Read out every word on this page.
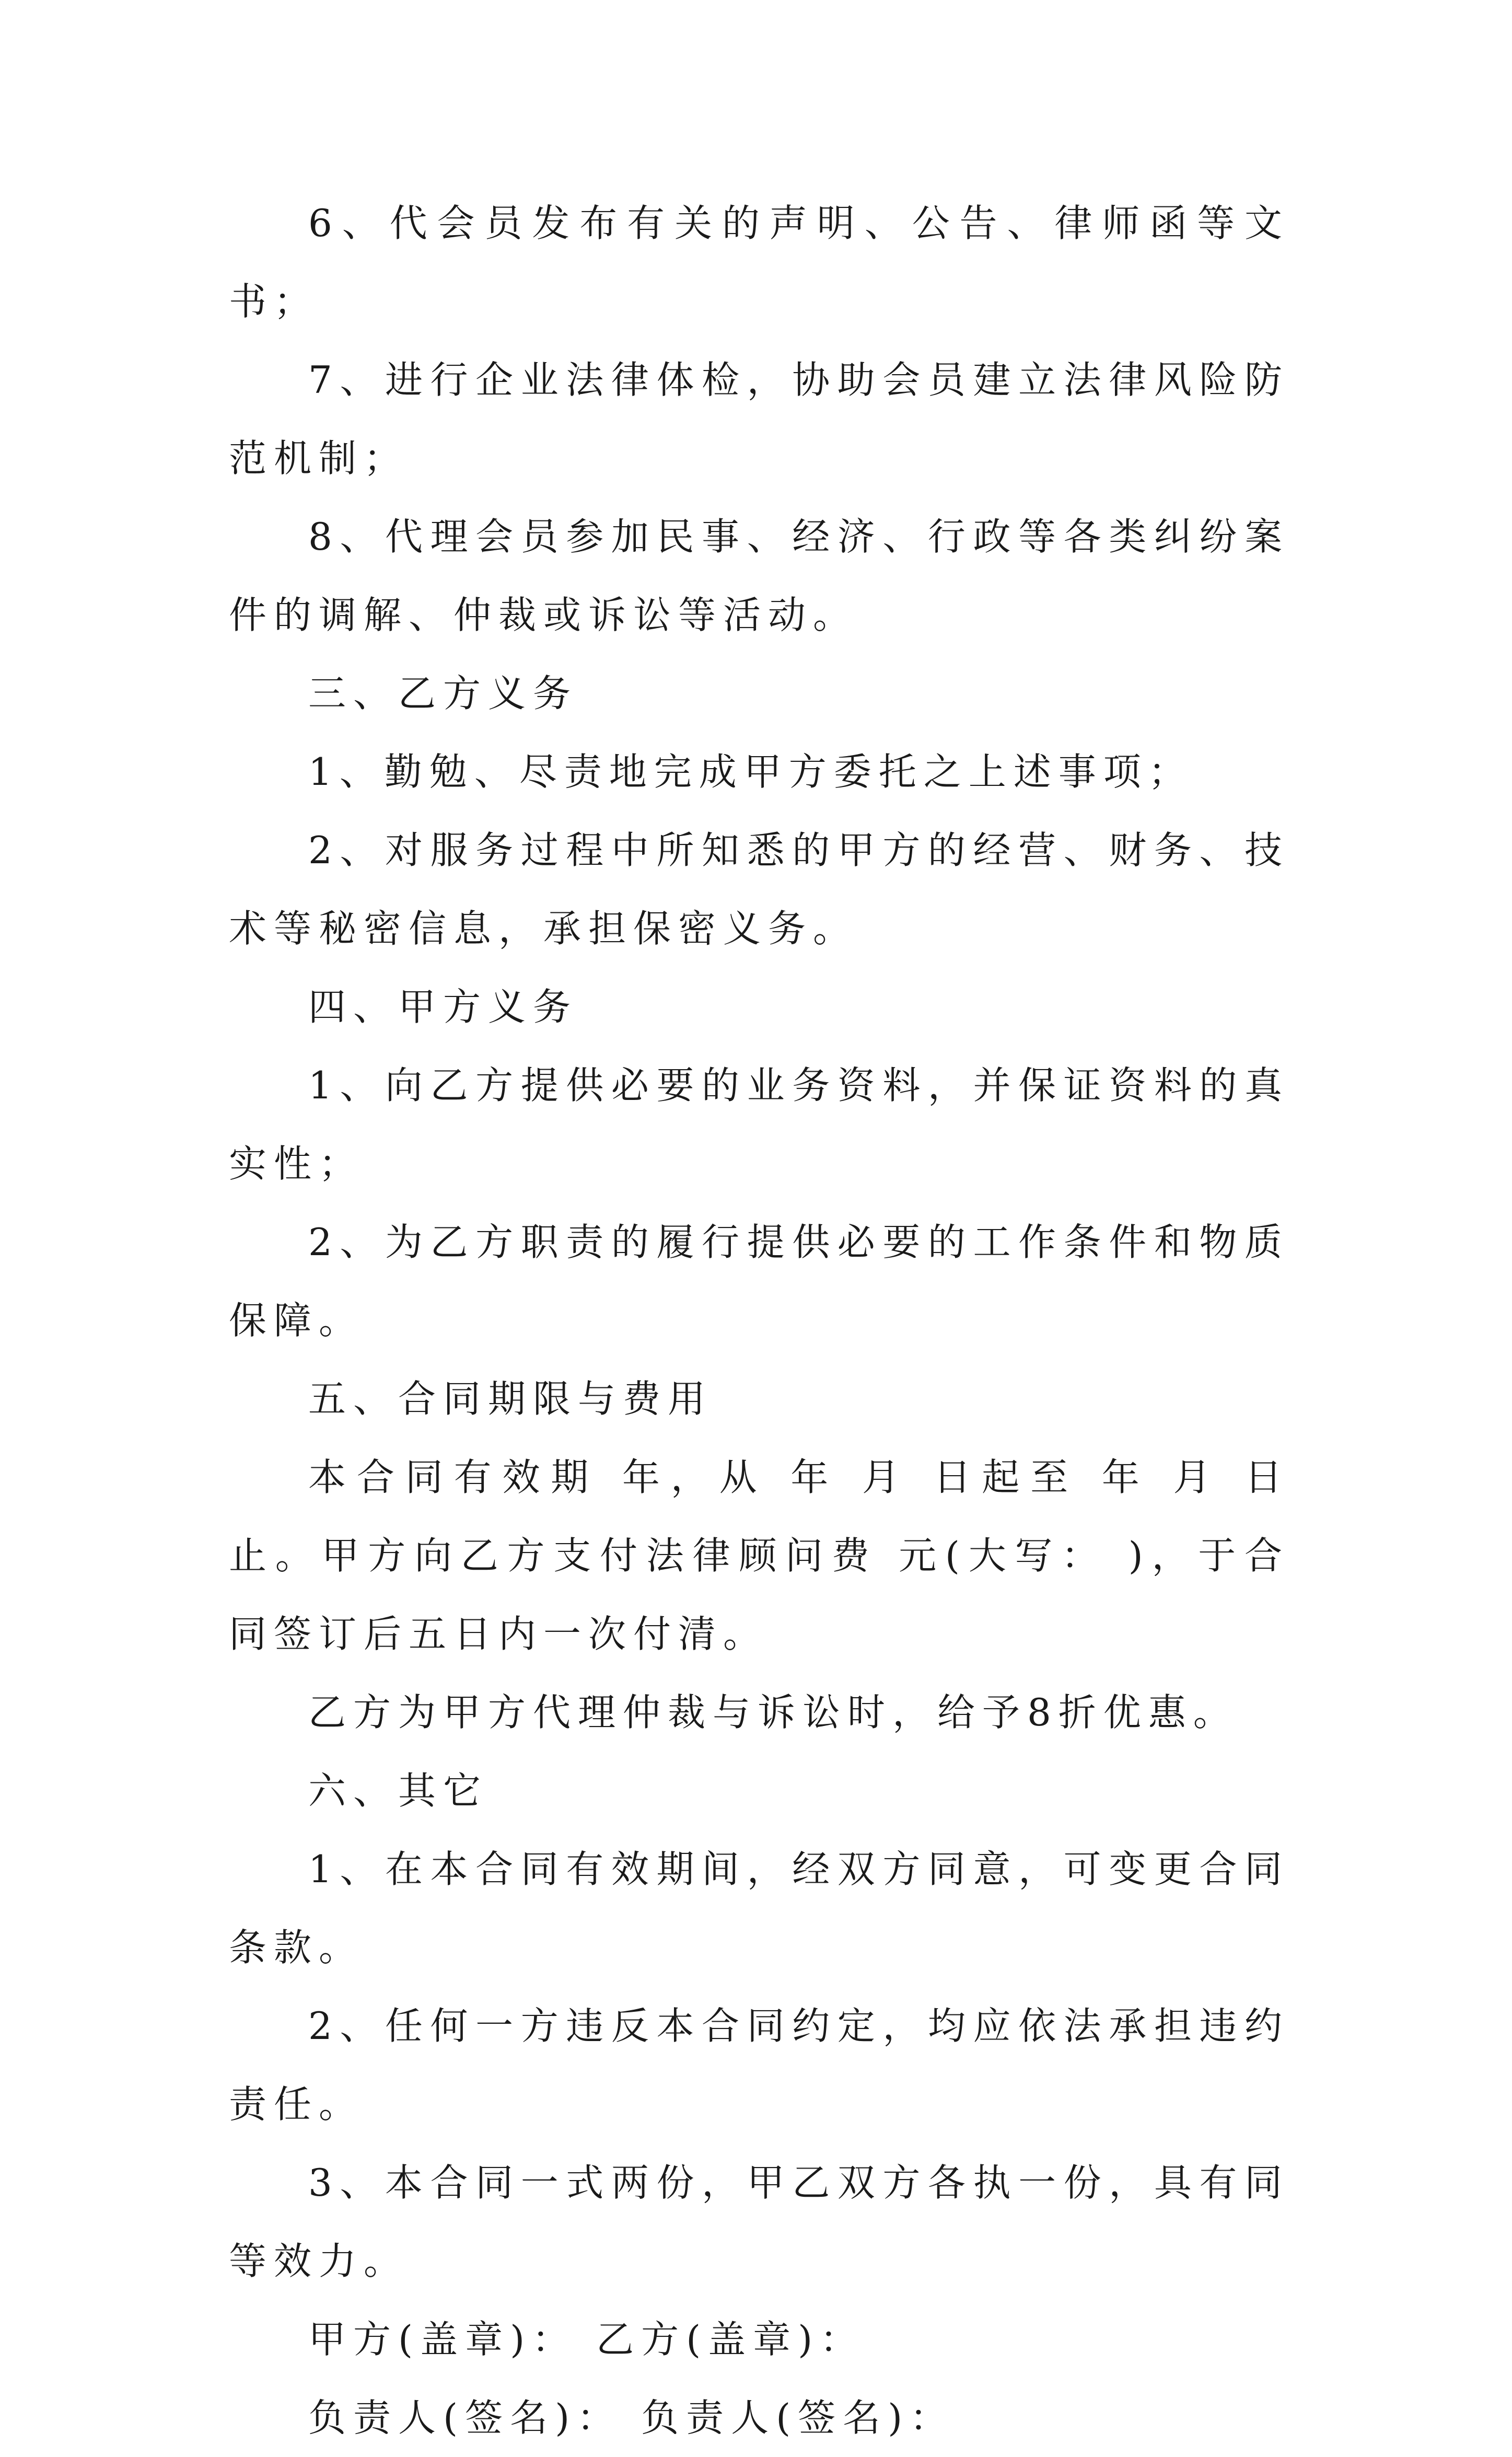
6、代会员发布有关的声明、公告、律师函等文书；

7、进行企业法律体检，协助会员建立法律风险防范机制；

8、代理会员参加民事、经济、行政等各类纠纷案件的调解、仲裁或诉讼等活动。

三、乙方义务

1、勤勉、尽责地完成甲方委托之上述事项；

2、对服务过程中所知悉的甲方的经营、财务、技术等秘密信息，承担保密义务。

四、甲方义务

1、向乙方提供必要的业务资料，并保证资料的真实性；

2、为乙方职责的履行提供必要的工作条件和物质保障。

五、合同期限与费用

本合同有效期 年，从 年 月 日起至 年 月 日止。甲方向乙方支付法律顾问费 元(大写： )，于合同签订后五日内一次付清。

乙方为甲方代理仲裁与诉讼时，给予8折优惠。

六、其它

1、在本合同有效期间，经双方同意，可变更合同条款。

2、任何一方违反本合同约定，均应依法承担违约责任。

3、本合同一式两份，甲乙双方各执一份，具有同等效力。

甲方(盖章)： 乙方(盖章)：

负责人(签名)： 负责人(签名)：
